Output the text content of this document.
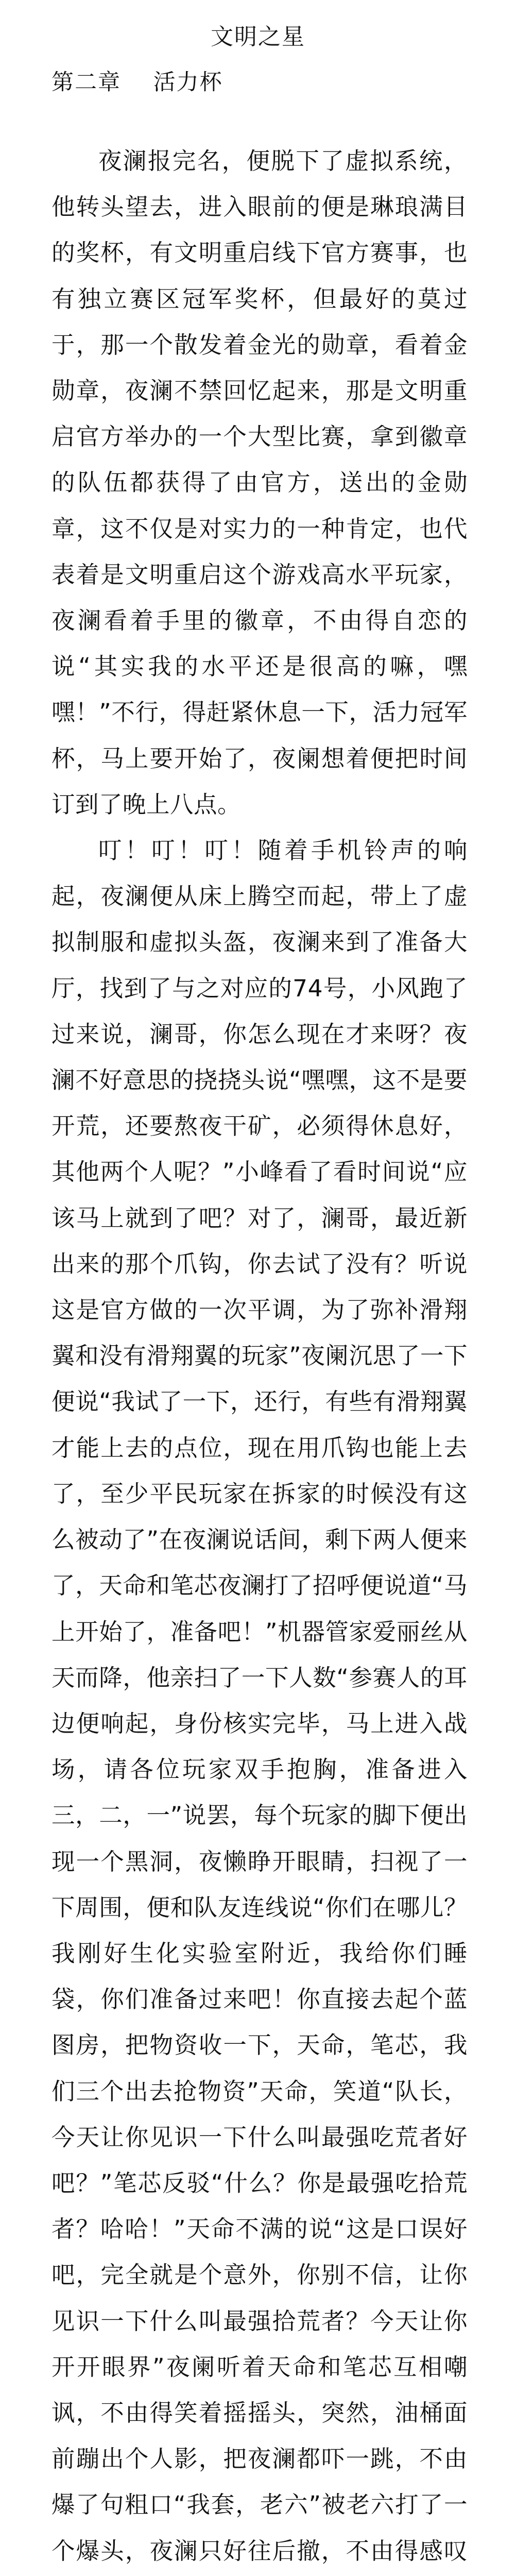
文明之星
第二章    活力杯

夜澜报完名，便脱下了虚拟系统，他转头望去，进入眼前的便是琳琅满目的奖杯，有文明重启线下官方赛事，也有独立赛区冠军奖杯，但最好的莫过于，那一个散发着金光的勋章，看着金勋章，夜澜不禁回忆起来，那是文明重启官方举办的一个大型比赛，拿到徽章的队伍都获得了由官方，送出的金勋章，这不仅是对实力的一种肯定，也代表着是文明重启这个游戏高水平玩家，夜澜看着手里的徽章，不由得自恋的说“其实我的水平还是很高的嘛，嘿嘿！”不行，得赶紧休息一下，活力冠军杯，马上要开始了，夜阑想着便把时间订到了晚上八点。

叮！叮！叮！随着手机铃声的响起，夜澜便从床上腾空而起，带上了虚拟制服和虚拟头盔，夜澜来到了准备大厅，找到了与之对应的74号，小风跑了过来说，澜哥，你怎么现在才来呀？夜澜不好意思的挠挠头说“嘿嘿，这不是要开荒，还要熬夜干矿，必须得休息好，其他两个人呢？”小峰看了看时间说“应该马上就到了吧？对了，澜哥，最近新出来的那个爪钩，你去试了没有？听说这是官方做的一次平调，为了弥补滑翔翼和没有滑翔翼的玩家”夜阑沉思了一下便说“我试了一下，还行，有些有滑翔翼才能上去的点位，现在用爪钩也能上去了，至少平民玩家在拆家的时候没有这么被动了”在夜澜说话间，剩下两人便来了，天命和笔芯夜澜打了招呼便说道“马上开始了，准备吧！”机器管家爱丽丝从天而降，他亲扫了一下人数“参赛人的耳边便响起，身份核实完毕，马上进入战场，请各位玩家双手抱胸，准备进入三，二，一”说罢，每个玩家的脚下便出现一个黑洞，夜懒睁开眼睛，扫视了一下周围，便和队友连线说“你们在哪儿？我刚好生化实验室附近，我给你们睡袋，你们准备过来吧！你直接去起个蓝图房，把物资收一下，天命，笔芯，我们三个出去抢物资”天命，笑道“队长，今天让你见识一下什么叫最强吃荒者好吧？”笔芯反驳“什么？你是最强吃拾荒者？哈哈！”天命不满的说“这是口误好吧，完全就是个意外，你别不信，让你见识一下什么叫最强拾荒者？今天让你开开眼界”夜阑听着天命和笔芯互相嘲讽，不由得笑着摇摇头，突然，油桶面前蹦出个人影，把夜澜都吓一跳，不由爆了句粗口“我套，老六”被老六打了一个爆头，夜澜只好往后撤，不由得感叹
